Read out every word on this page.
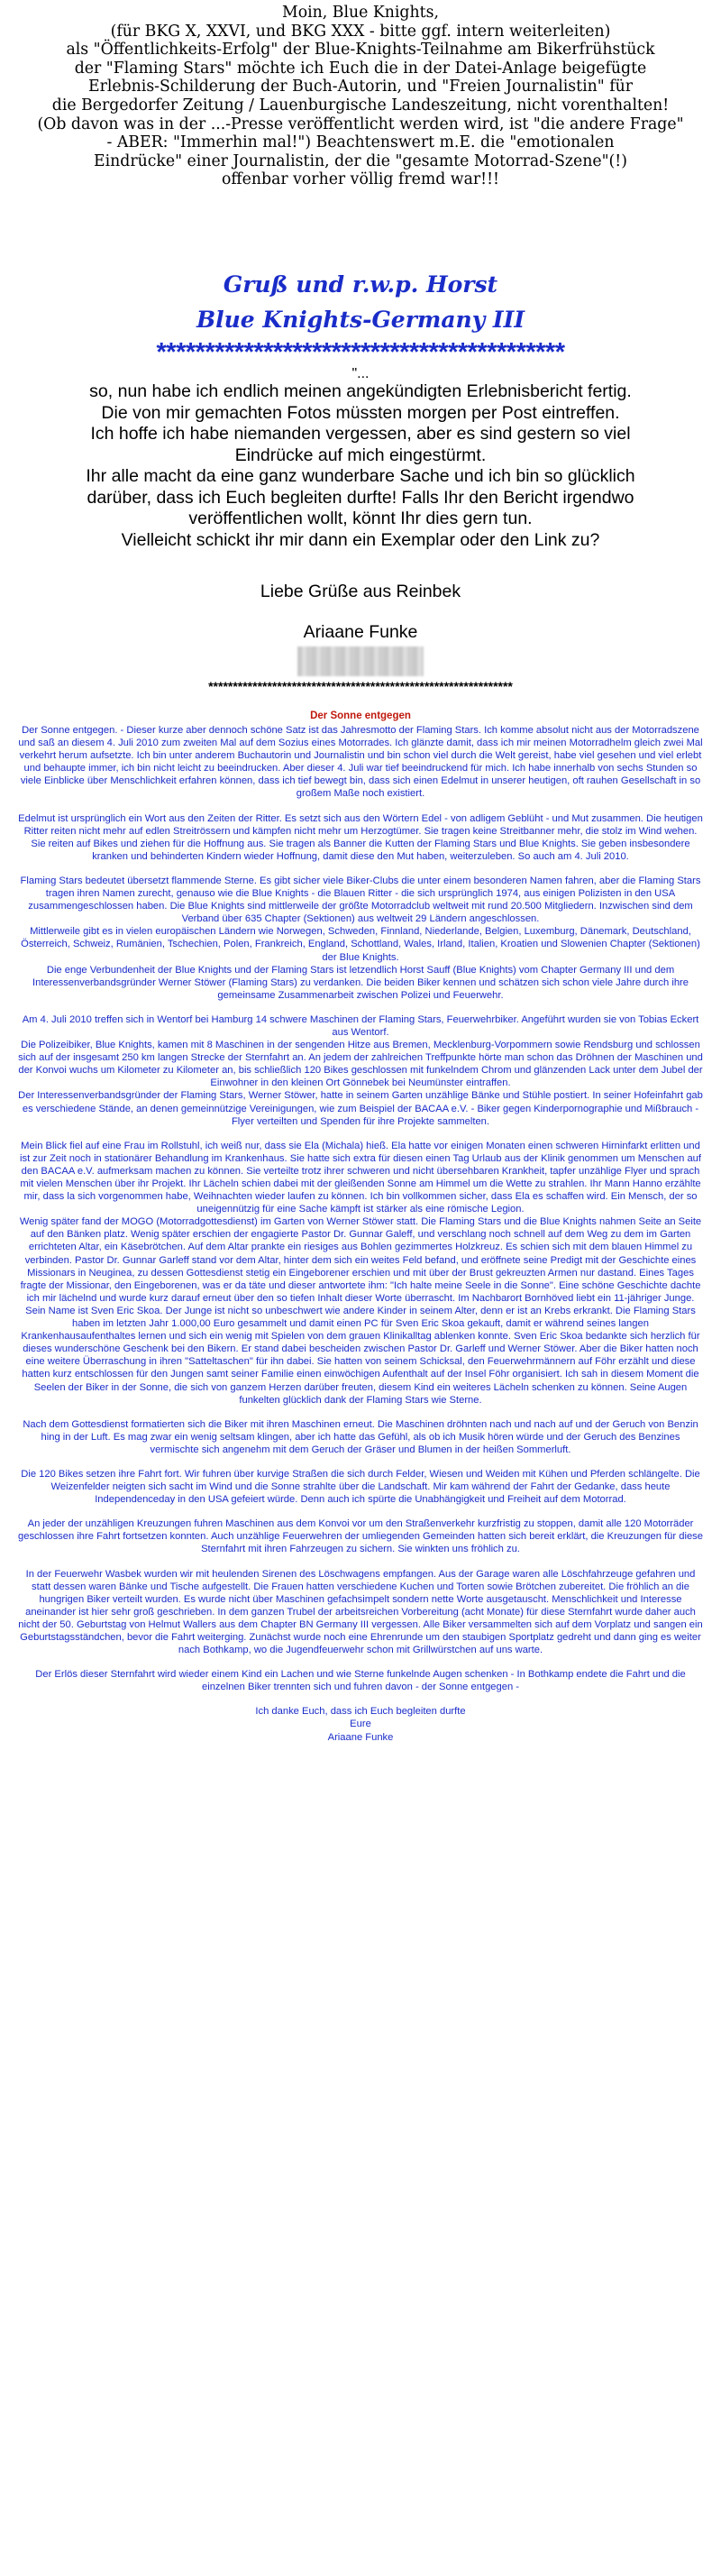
Moin, Blue Knights,

(für BKG X, XXVI, und BKG XXX - bitte ggf. intern weiterleiten)

als "Öffentlichkeits-Erfolg" der Blue-Knights-Teilnahme am Bikerfrühstück

der "Flaming Stars" möchte ich Euch die in der Datei-Anlage beigefügte

Erlebnis-Schilderung der Buch-Autorin, und "Freien Journalistin" für

die Bergedorfer Zeitung / Lauenburgische Landeszeitung, nicht vorenthalten!

(Ob davon was in der ...-Presse veröffentlicht werden wird, ist "die andere Frage"

- ABER: "Immerhin mal!") Beachtenswert m.E. die "emotionalen

Eindrücke" einer Journalistin, der die "gesamte Motorrad-Szene"(!)

offenbar vorher völlig fremd war!!!

Gruß und r.w.p. Horst
Blue Knights-Germany III
******************************************
"...

so, nun habe ich endlich meinen angekündigten Erlebnisbericht fertig.

Die von mir gemachten Fotos müssten morgen per Post eintreffen.

Ich hoffe ich habe niemanden vergessen, aber es sind gestern so viel

Eindrücke auf mich eingestürmt.

Ihr alle macht da eine ganz wunderbare Sache und ich bin so glücklich

darüber, dass ich Euch begleiten durfte! Falls Ihr den Bericht irgendwo

veröffentlichen wollt, könnt Ihr dies gern tun.

Vielleicht schickt ihr mir dann ein Exemplar oder den Link zu?

Liebe Grüße aus Reinbek
Ariaane Funke
**************************************************************
Der Sonne entgegen

Der Sonne entgegen. - Dieser kurze aber dennoch schöne Satz ist das Jahresmotto der Flaming Stars. Ich komme absolut nicht aus der Motorradszene und saß an diesem 4. Juli 2010 zum zweiten Mal auf dem Sozius eines Motorrades. Ich glänzte damit, dass ich mir meinen Motorradhelm gleich zwei Mal verkehrt herum aufsetzte. Ich bin unter anderem Buchautorin und Journalistin und bin schon viel durch die Welt gereist, habe viel gesehen und viel erlebt und behaupte immer, ich bin nicht leicht zu beeindrucken. Aber dieser 4. Juli war tief beeindruckend für mich. Ich habe innerhalb von sechs Stunden so viele Einblicke über Menschlichkeit erfahren können, dass ich tief bewegt bin, dass sich einen Edelmut in unserer heutigen, oft rauhen Gesellschaft in so großem Maße noch existiert.

Edelmut ist ursprünglich ein Wort aus den Zeiten der Ritter. Es setzt sich aus den Wörtern Edel - von adligem Geblüht - und Mut zusammen. Die heutigen Ritter reiten nicht mehr auf edlen Streitrössern und kämpfen nicht mehr um Herzogtümer. Sie tragen keine Streitbanner mehr, die stolz im Wind wehen. Sie reiten auf Bikes und ziehen für die Hoffnung aus. Sie tragen als Banner die Kutten der Flaming Stars und Blue Knights. Sie geben insbesondere kranken und behinderten Kindern wieder Hoffnung, damit diese den Mut haben, weiterzuleben. So auch am 4. Juli 2010.

Flaming Stars bedeutet übersetzt flammende Sterne. Es gibt sicher viele Biker-Clubs die unter einem besonderen Namen fahren, aber die Flaming Stars tragen ihren Namen zurecht, genauso wie die Blue Knights - die Blauen Ritter - die sich ursprünglich 1974, aus einigen Polizisten in den USA zusammengeschlossen haben. Die Blue Knights sind mittlerweile der größte Motorradclub weltweit mit rund 20.500 Mitgliedern. Inzwischen sind dem Verband über 635 Chapter (Sektionen) aus weltweit 29 Ländern angeschlossen.

Mittlerweile gibt es in vielen europäischen Ländern wie Norwegen, Schweden, Finnland, Niederlande, Belgien, Luxemburg, Dänemark, Deutschland, Österreich, Schweiz, Rumänien, Tschechien, Polen, Frankreich, England, Schottland, Wales, Irland, Italien, Kroatien und Slowenien Chapter (Sektionen) der Blue Knights.

Die enge Verbundenheit der Blue Knights und der Flaming Stars ist letzendlich Horst Sauff (Blue Knights) vom Chapter Germany III und dem Interessenverbandsgründer Werner Stöwer (Flaming Stars) zu verdanken. Die beiden Biker kennen und schätzen sich schon viele Jahre durch ihre gemeinsame Zusammenarbeit zwischen Polizei und Feuerwehr.

Am 4. Juli 2010 treffen sich in Wentorf bei Hamburg 14 schwere Maschinen der Flaming Stars, Feuerwehrbiker. Angeführt wurden sie von Tobias Eckert aus Wentorf.

Die Polizeibiker, Blue Knights, kamen mit 8 Maschinen in der sengenden Hitze aus Bremen, Mecklenburg-Vorpommern sowie Rendsburg und schlossen sich auf der insgesamt 250 km langen Strecke der Sternfahrt an. An jedem der zahlreichen Treffpunkte hörte man schon das Dröhnen der Maschinen und der Konvoi wuchs um Kilometer zu Kilometer an, bis schließlich 120 Bikes geschlossen mit funkelndem Chrom und glänzenden Lack unter dem Jubel der Einwohner in den kleinen Ort Gönnebek bei Neumünster eintraffen.

Der Interessenverbandsgründer der Flaming Stars, Werner Stöwer, hatte in seinem Garten unzählige Bänke und Stühle postiert. In seiner Hofeinfahrt gab es verschiedene Stände, an denen gemeinnützige Vereinigungen, wie zum Beispiel der BACAA e.V. - Biker gegen Kinderpornographie und Mißbrauch - Flyer verteilten und Spenden für ihre Projekte sammelten.

Mein Blick fiel auf eine Frau im Rollstuhl, ich weiß nur, dass sie Ela (Michala) hieß. Ela hatte vor einigen Monaten einen schweren Hirninfarkt erlitten und ist zur Zeit noch in stationärer Behandlung im Krankenhaus. Sie hatte sich extra für diesen einen Tag Urlaub aus der Klinik genommen um Menschen auf den BACAA e.V. aufmerksam machen zu können. Sie verteilte trotz ihrer schweren und nicht übersehbaren Krankheit, tapfer unzählige Flyer und sprach mit vielen Menschen über ihr Projekt. Ihr Lächeln schien dabei mit der gleißenden Sonne am Himmel um die Wette zu strahlen. Ihr Mann Hanno erzählte mir, dass la sich vorgenommen habe, Weihnachten wieder laufen zu können. Ich bin vollkommen sicher, dass Ela es schaffen wird. Ein Mensch, der so uneigennützig für eine Sache kämpft ist stärker als eine römische Legion.

Wenig später fand der MOGO (Motorradgottesdienst) im Garten von Werner Stöwer statt. Die Flaming Stars und die Blue Knights nahmen Seite an Seite auf den Bänken platz. Wenig später erschien der engagierte Pastor Dr. Gunnar Galeff, und verschlang noch schnell auf dem Weg zu dem im Garten errichteten Altar, ein Käsebrötchen. Auf dem Altar prankte ein riesiges aus Bohlen gezimmertes Holzkreuz. Es schien sich mit dem blauen Himmel zu verbinden. Pastor Dr. Gunnar Garleff stand vor dem Altar, hinter dem sich ein weites Feld befand, und eröffnete seine Predigt mit der Geschichte eines Missionars in Neuginea, zu dessen Gottesdienst stetig ein Eingeborener erschien und mit über der Brust gekreuzten Armen nur dastand. Eines Tages fragte der Missionar, den Eingeborenen, was er da täte und dieser antwortete ihm: "Ich halte meine Seele in die Sonne". Eine schöne Geschichte dachte ich mir lächelnd und wurde kurz darauf erneut über den so tiefen Inhalt dieser Worte überrascht. Im Nachbarort Bornhöved liebt ein 11-jähriger Junge. Sein Name ist Sven Eric Skoa. Der Junge ist nicht so unbeschwert wie andere Kinder in seinem Alter, denn er ist an Krebs erkrankt. Die Flaming Stars haben im letzten Jahr 1.000,00 Euro gesammelt und damit einen PC für Sven Eric Skoa gekauft, damit er während seines langen Krankenhausaufenthaltes lernen und sich ein wenig mit Spielen von dem grauen Klinikalltag ablenken konnte. Sven Eric Skoa bedankte sich herzlich für dieses wunderschöne Geschenk bei den Bikern. Er stand dabei bescheiden zwischen Pastor Dr. Garleff und Werner Stöwer. Aber die Biker hatten noch eine weitere Überraschung in ihren "Satteltaschen" für ihn dabei. Sie hatten von seinem Schicksal, den Feuerwehrmännern auf Föhr erzählt und diese hatten kurz entschlossen für den Jungen samt seiner Familie einen einwöchigen Aufenthalt auf der Insel Föhr organisiert. Ich sah in diesem Moment die Seelen der Biker in der Sonne, die sich von ganzem Herzen darüber freuten, diesem Kind ein weiteres Lächeln schenken zu können. Seine Augen funkelten glücklich dank der Flaming Stars wie Sterne.

Nach dem Gottesdienst formatierten sich die Biker mit ihren Maschinen erneut. Die Maschinen dröhnten nach und nach auf und der Geruch von Benzin hing in der Luft. Es mag zwar ein wenig seltsam klingen, aber ich hatte das Gefühl, als ob ich Musik hören würde und der Geruch des Benzines vermischte sich angenehm mit dem Geruch der Gräser und Blumen in der heißen Sommerluft.

Die 120 Bikes setzen ihre Fahrt fort. Wir fuhren über kurvige Straßen die sich durch Felder, Wiesen und Weiden mit Kühen und Pferden schlängelte. Die Weizenfelder neigten sich sacht im Wind und die Sonne strahlte über die Landschaft. Mir kam während der Fahrt der Gedanke, dass heute Independenceday in den USA gefeiert würde. Denn auch ich spürte die Unabhängigkeit und Freiheit auf dem Motorrad.

An jeder der unzähligen Kreuzungen fuhren Maschinen aus dem Konvoi vor um den Straßenverkehr kurzfristig zu stoppen, damit alle 120 Motorräder geschlossen ihre Fahrt fortsetzen konnten. Auch unzählige Feuerwehren der umliegenden Gemeinden hatten sich bereit erklärt, die Kreuzungen für diese Sternfahrt mit ihren Fahrzeugen zu sichern. Sie winkten uns fröhlich zu.

In der Feuerwehr Wasbek wurden wir mit heulenden Sirenen des Löschwagens empfangen. Aus der Garage waren alle Löschfahrzeuge gefahren und statt dessen waren Bänke und Tische aufgestellt. Die Frauen hatten verschiedene Kuchen und Torten sowie Brötchen zubereitet. Die fröhlich an die hungrigen Biker verteilt wurden. Es wurde nicht über Maschinen gefachsimpelt sondern nette Worte ausgetauscht. Menschlichkeit und Interesse aneinander ist hier sehr groß geschrieben. In dem ganzen Trubel der arbeitsreichen Vorbereitung (acht Monate) für diese Sternfahrt wurde daher auch nicht der 50. Geburtstag von Helmut Wallers aus dem Chapter BN Germany III vergessen. Alle Biker versammelten sich auf dem Vorplatz und sangen ein Geburtstagsständchen, bevor die Fahrt weiterging. Zunächst wurde noch eine Ehrenrunde um den staubigen Sportplatz gedreht und dann ging es weiter nach Bothkamp, wo die Jugendfeuerwehr schon mit Grillwürstchen auf uns warte.

Der Erlös dieser Sternfahrt wird wieder einem Kind ein Lachen und wie Sterne funkelnde Augen schenken - In Bothkamp endete die Fahrt und die einzelnen Biker trennten sich und fuhren davon - der Sonne entgegen -

Ich danke Euch, dass ich Euch begleiten durfte

Eure

Ariaane Funke
